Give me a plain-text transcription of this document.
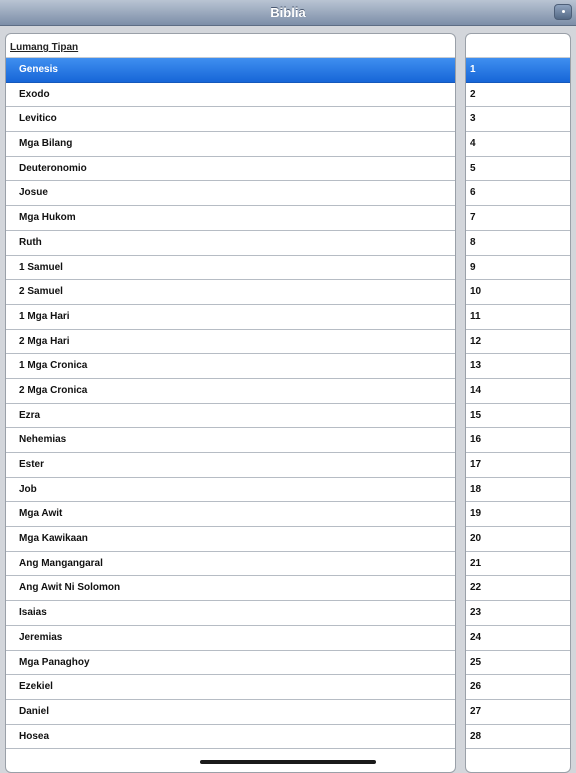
Biblia
Lumang Tipan
Genesis
Exodo
Levitico
Mga Bilang
Deuteronomio
Josue
Mga Hukom
Ruth
1 Samuel
2 Samuel
1 Mga Hari
2 Mga Hari
1 Mga Cronica
2 Mga Cronica
Ezra
Nehemias
Ester
Job
Mga Awit
Mga Kawikaan
Ang Mangangaral
Ang Awit Ni Solomon
Isaias
Jeremias
Mga Panaghoy
Ezekiel
Daniel
Hosea
1
2
3
4
5
6
7
8
9
10
11
12
13
14
15
16
17
18
19
20
21
22
23
24
25
26
27
28
